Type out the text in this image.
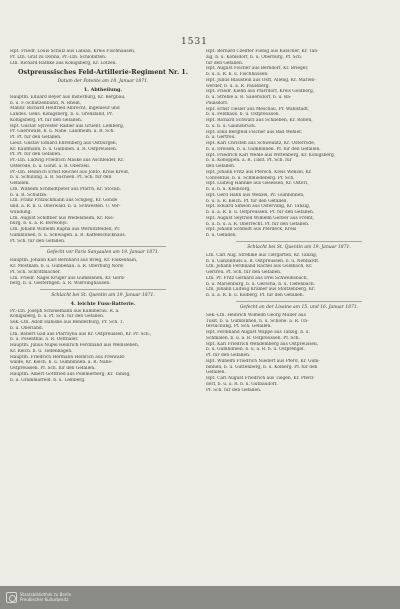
1531
Hpt. Friedr. Louis Schulz aus Labiau, Kreis Fischhausen,
Pr. Ltn. Graf zu Dohna, Pr.-Ltn. Schlobitten.
Ltn. Richard Rathke aus Königsberg, Kr. Lötzen.
Ostpreussisches Feld-Artillerie-Regiment Nr. 1.
Datum der Patente am 18. Januar 1871.
1. Abtheilung.
Hauptm. Eduard Beyer aus Insterburg, Kr. Bergbau,
b. u. F.-Schützenbund, N. Rhein,
Mannr. Richard Hellfried Albrecht, Ingenieur und
Landes. Gens. Königsberg, b. u. Grenzland, Pr.
Königsberg, Pf. für den Gefallen.
Hpt. Gustav Sylvester Radler aus Gruent. Lemberg,
Pr. Gaerswald, b. u. Nähe. Landheim. a. R. Sch.
Pf. Pf. für den Gefallen.
Lieut. Gustav Eduard Ehrenberg aus Ostburgen,
Kr. Kaufmann, b. u. Gulbinen. a. R. Ostpreussen.
Pf. Pf. für den Gefallen.
Pr.-Ltn. Ludwig Friedrich Maske aus Aschfeider, Kr.
Osterode, b. u. Gonit. a. R. Oberzell.
Pr.-Ltn. Heinrich Ernst Reichel aus Jonto, Kreis Kreut,
b. u. Schulung. a. R. Sachsen. Pf. Sch. für den
Gefallen.
Ltn. Wilhelm Schmidtpeter aus Pfarrh, Kr. Stockh.
b. u. R. Schultze.
Ltn. Franz Fritzschmann aus Schgleg, Kr. Gonde
und. a. R. b. u. Oberwald. b. u. Schwesten. U. Ver-
wundung.
Ltn. August Schiffner aus Wedelsheim, Kr. Ros-
burg, b. u. a. R. Borwonyi.
Ltn. Johann Wilhelm Rapha aus Wernitzfelden, Pr.
Gumbinnen, b. u. Schwagen. a. R. Kaffeeschickhaus.
Pf. Sch. für den Gefallen.
Gefecht vor Paris Sanyaulen am 19. Januar 1871.
Hauptm. Johann Karl Bernhard aus Brieg, Kr. Falkenhain,
Kr. Mostkam. b. u. Gubbenau. a. R. Oberburg Nord-
Pf. Sch. Schrittmacher.
Ltn. Friedr. Nagel Krüger aus Gumbinnen, Kr. Gerd-
berg, b. u. Gesterngen. a. R. Wiersinghausen.
Schlacht bei St. Quentin am 19. Januar 1871.
4. leichte Fuss-Batterie.
Pr.-Ltn. Joseph Schönemann aus Kummerau. R. a.
Königsberg, b. u. Pf. Sch. für den Gefallen.
Sek.-Ltn. Adolf Haniske aus Benderburg, Pr. Sch. 1.
b. u. Oberland.
Ltn. Robert Gad aus Pfarrzyna aus Kr. Ostpreussen, Kr. Pr. Sch.,
b. u. Posenthal. a. R. Ostthaler.
Hauptm. Julius Nupel Heinrich Ferdinand aus Weinsleben,
Kr. Kelch. b. u. Tiefenhagen.
Hauptm. Friedrich Hermann Heinrich aus Freiwald-
walde, Kr. Kelch. b. u. Gumbinnen. a. R. Nähe-
Ostpreussen. Pf. Sch. für den Gefallen.
Hauptm. Albert Gottfried aus Pommerberg, Kr. Tanzig,
b. u. Grammarfeld. b. u. Lemberg.
Hpt. Bernard Czeiffer Fiebig aus Katscher, Kr. Tan-
zig, b. u. Kohlsdorf, b. u. Oberburg. Pf. Sch.
für den Gefallen.
Hpt. August Fischer aus Berndorf, Kr. Brieger,
b. u. a. R. b. u. Fischhausen.
Hpt. Julius Blaustein aus Ostt, Alleng, Kr. Marien-
werder, b. u. a. R. Paulsberg.
Hpt. Friedr. Kiehn aus Pfarrdorf, Kreis Goldberg,
b. u. Strehle a. R. Sauersdorf, b. u. Ba-
Paulsdorf.
Hpt. Ernst Tiesler aus Meschau, Pr. Wahlstadt,
b. u. Feldhaus. b. u. Ostpreussen.
Hpt. Richard Schwarz aus Schlieben, Kr. Rößen,
b. u. b. u. Gaunsbrück.
Hpt. Emil Bergfeld Fischer aus Bad Wehler,
b. u. Gertreu.
Hpt. Karl Christen aus Schweinitz, Kr. Osterrode,
b. u. Dreisen, b. u. Gumbinnen. Pf. für den Gefallen.
Hpt. Friedrich Karl Wehle aus Wittenberg, Kr. Königsberg,
b. u. Konoppen. a. R. Tilsit. Pf. Sch. für
den Gefallen.
Hpt. Johann Fritz aus Pfersch, Kreis Wenzel, Kr.
Conventus, b. u. Schmiedeberg. Pf. Sch.
Hpt. Ludwig Hahnke aus Gesessen, Kr. Osterl,
b. u. b. u. Kleinsorg.
Hpt. Gerd Hahn aus Wenzel, Pr. Gumbinnen,
b. u. a. R. Kelch. Pf. für den Gefallen.
Hpt. Eduard Simson aus Ostervang, Kr. Tanzig,
b. u. a. R. b. u. Ostpreussen. Pf. für den Gefallen.
Hpt. August Seyfried Wilhelm Gerber aus Fremt,
b. u. b. u. a. R. Oberrecht. Pf. für den Gefallen.
Hpt. Johann Schmidt aus Pferdeck, Kreis
b. u. Gefallen.
Schlacht bei St. Quentin am 19. Januar 1871.
Ltn. Carl Aug. Strehlke aus Tiergarten, Kr. Tanzig,
b. u. Ganzinfluss a. R. Ostpreussen. b. u. Nehhardt.
Ltn. Johann Ferdinand Rachel aus Goldbach, Kr.
Gertreu. Pf. Sch. für den Gefallen.
Ltn. Pr. Fritz Gerhard aus Drei Schweinsbach,
b. u. Marienburg, b. u. Gerscha, b. u. Tiefenbach.
Ltn. Johann Ludwig Kramer aus Stoltzenberg, Kr.
b. u. a. R. b. u. Kolberg. Pf. für den Gefallen.
Gefecht an der Lisaine am 15. und 16. Januar 1871.
Sek.-Ltn. Heinrich Wilhelm Georg Müller aus
Tilsit, b. u. Gumbinnen, b. u. Schöne. a. R. Un-
tersuchung. Pf. Sch. Gefallen.
Hpt. Ferdinand August Wappe aus Tanzig, b. u.
Schmalen, b. u. a. R. Ostpreussen. Pf. Sch.
Hpt. Karl Friedrich Wendemberg aus Ostpreussen,
b. u. Gumbinnen, b. u. a. R. b. u. Ostprengel.
Pf. für den Gefallen.
Hpt. Wilhelm Friedrich Niedert aus Pferd, Kr. Gum-
binnen, b. u. Guttenberg, b. u. Kolberg. Pf. für den
Gefallen.
Hpt. Carl August Friedrich aus Tiegen, Kr. Pferd-
dorf, b. u. a. R. b. u. Gutbaudorf.
Pf. Sch. für den Gefallen.
Staatsbibliothek zu Berlin
Preußischer Kulturbesitz
